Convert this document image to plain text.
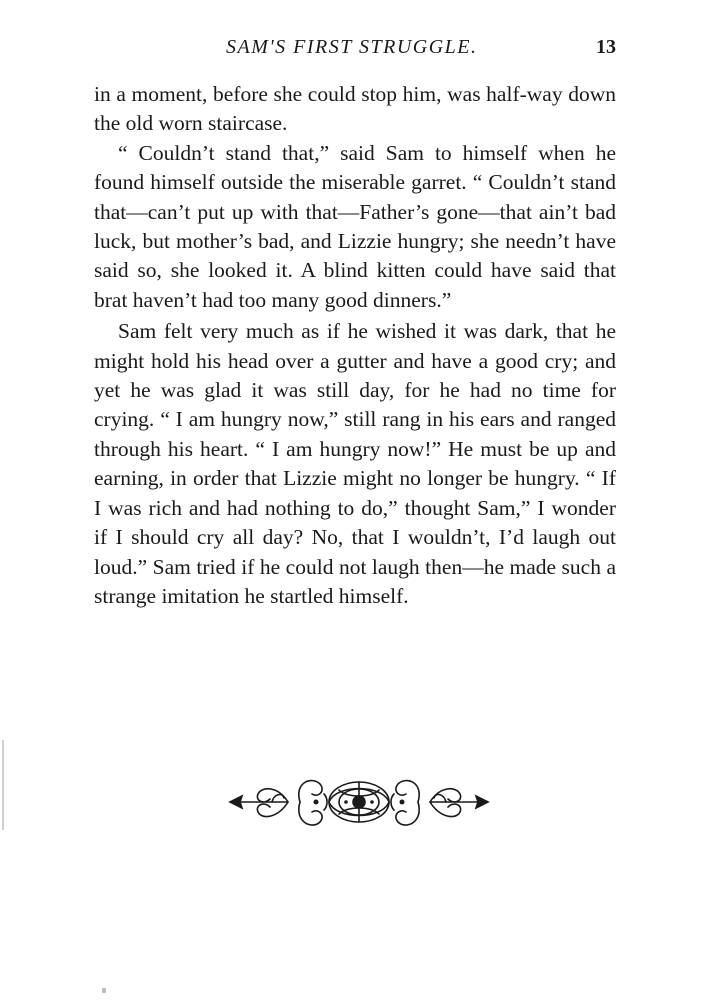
SAM'S FIRST STRUGGLE.	13

in a moment, before she could stop him, was half-way down the old worn staircase.

“ Couldn’t stand that,” said Sam to himself when he found himself outside the miserable garret. “ Couldn’t stand that—can’t put up with that—Father’s gone—that ain’t bad luck, but mother’s bad, and Lizzie hungry; she needn’t have said so, she looked it. A blind kitten could have said that brat haven’t had too many good dinners.”

Sam felt very much as if he wished it was dark, that he might hold his head over a gutter and have a good cry; and yet he was glad it was still day, for he had no time for crying. “ I am hungry now,” still rang in his ears and ranged through his heart. “ I am hungry now!” He must be up and earning, in order that Lizzie might no longer be hungry. “ If I was rich and had nothing to do,” thought Sam,” I wonder if I should cry all day? No, that I wouldn’t, I’d laugh out loud.” Sam tried if he could not laugh then—he made such a strange imitation he startled himself.
